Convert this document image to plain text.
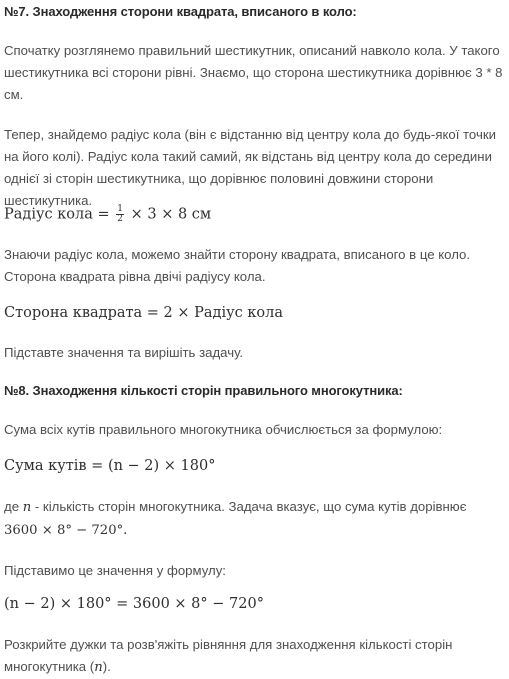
№7. Знаходження сторони квадрата, вписаного в коло:
Спочатку розглянемо правильний шестикутник, описаний навколо кола. У такого шестикутника всі сторони рівні. Знаємо, що сторона шестикутника дорівнює 3 * 8 см.
Тепер, знайдемо радіус кола (він є відстанню від центру кола до будь-якої точки на його колі). Радіус кола такий самий, як відстань від центру кола до середини однієї зі сторін шестикутника, що дорівнює половині довжини сторони шестикутника.
Радіус кола = $\frac{1}{2} \times 3 \times 8$ см
Знаючи радіус кола, можемо знайти сторону квадрата, вписаного в це коло. Сторона квадрата рівна двічі радіусу кола.
Сторона квадрата = 2 × Радіус кола
Підставте значення та вирішіть задачу.
№8. Знаходження кількості сторін правильного многокутника:
Сума всіх кутів правильного многокутника обчислюється за формулою:
Сума кутів = (n − 2) × 180°
де n - кількість сторін многокутника. Задача вказує, що сума кутів дорівнює 3600 × 8° − 720°.
Підставимо це значення у формулу:
(n − 2) × 180° = 3600 × 8° − 720°
Розкрийте дужки та розв'яжіть рівняння для знаходження кількості сторін многокутника (n).
